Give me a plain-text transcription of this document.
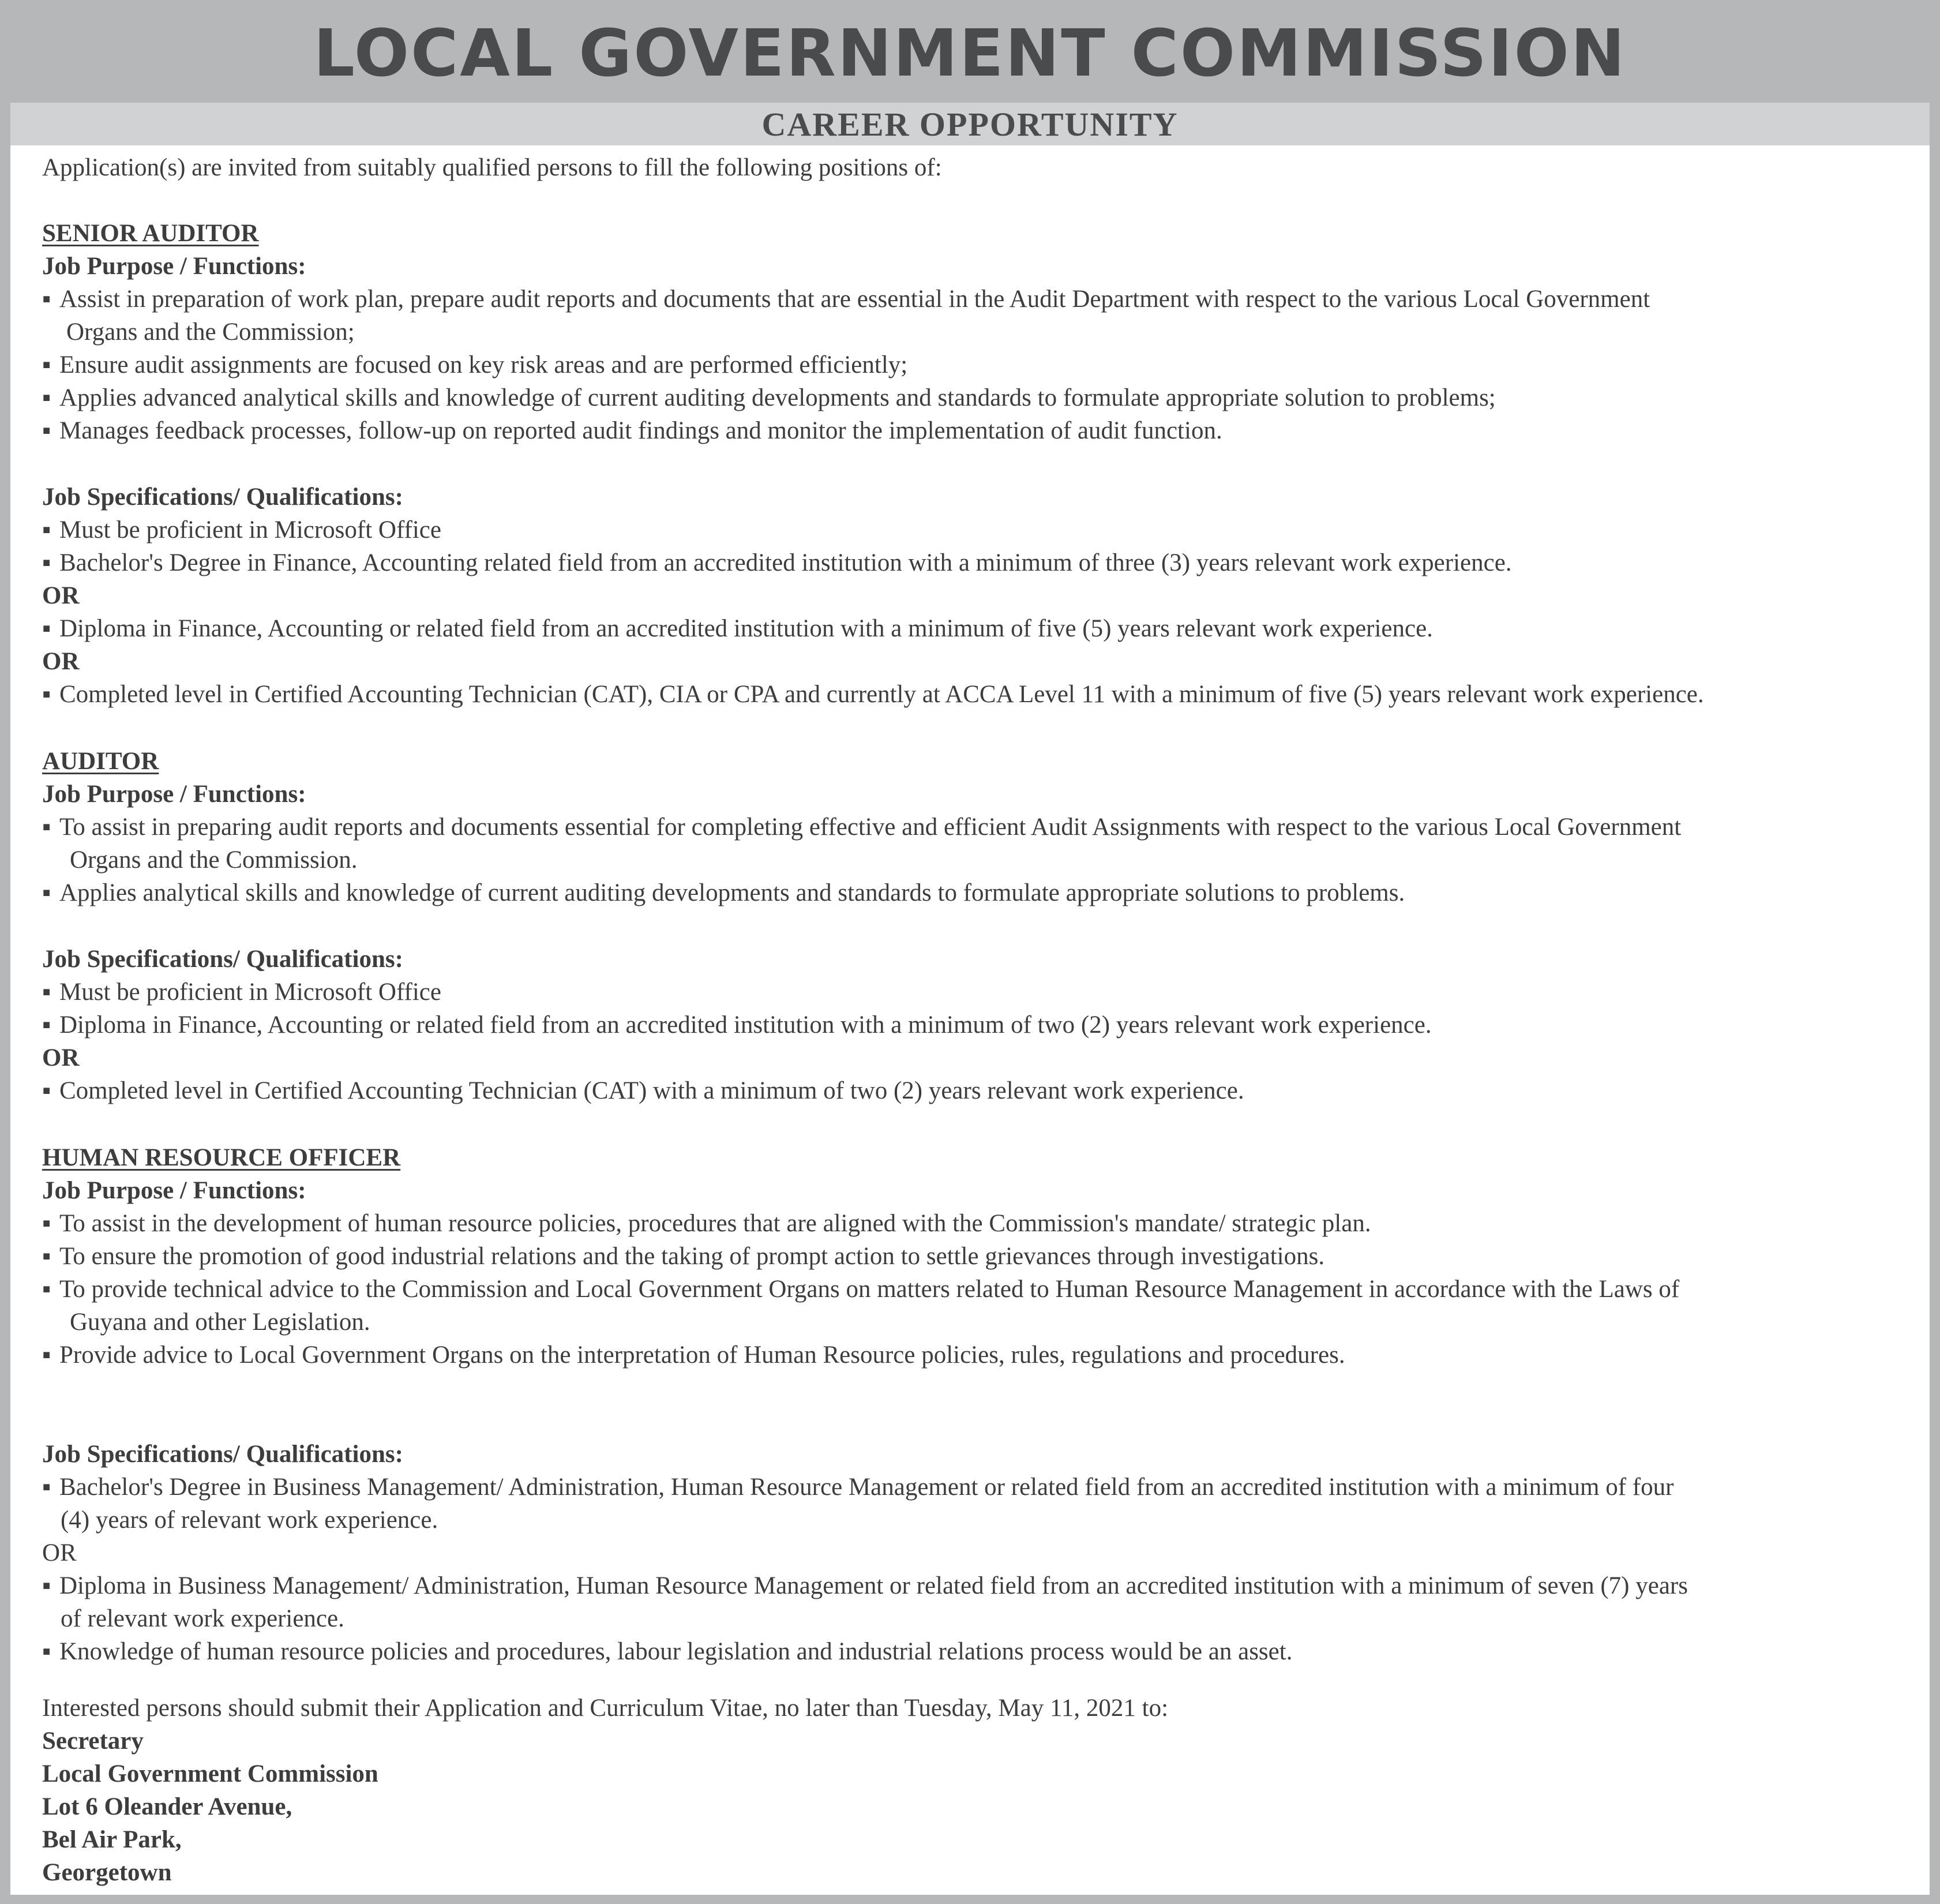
LOCAL GOVERNMENT COMMISSION
CAREER OPPORTUNITY
Application(s) are invited from suitably qualified persons to fill the following positions of:
SENIOR AUDITOR
Job Purpose / Functions:
▪ Assist in preparation of work plan, prepare audit reports and documents that are essential in the Audit Department with respect to the various Local Government
Organs and the Commission;
▪ Ensure audit assignments are focused on key risk areas and are performed efficiently;
▪ Applies advanced analytical skills and knowledge of current auditing developments and standards to formulate appropriate solution to problems;
▪ Manages feedback processes, follow-up on reported audit findings and monitor the implementation of audit function.
Job Specifications/ Qualifications:
▪ Must be proficient in Microsoft Office
▪ Bachelor's Degree in Finance, Accounting related field from an accredited institution with a minimum of three (3) years relevant work experience.
OR
▪ Diploma in Finance, Accounting or related field from an accredited institution with a minimum of five (5) years relevant work experience.
OR
▪ Completed level in Certified Accounting Technician (CAT), CIA or CPA and currently at ACCA Level 11 with a minimum of five (5) years relevant work experience.
AUDITOR
Job Purpose / Functions:
▪ To assist in preparing audit reports and documents essential for completing effective and efficient Audit Assignments with respect to the various Local Government
Organs and the Commission.
▪ Applies analytical skills and knowledge of current auditing developments and standards to formulate appropriate solutions to problems.
Job Specifications/ Qualifications:
▪ Must be proficient in Microsoft Office
▪ Diploma in Finance, Accounting or related field from an accredited institution with a minimum of two (2) years relevant work experience.
OR
▪ Completed level in Certified Accounting Technician (CAT) with a minimum of two (2) years relevant work experience.
HUMAN RESOURCE OFFICER
Job Purpose / Functions:
▪ To assist in the development of human resource policies, procedures that are aligned with the Commission's mandate/ strategic plan.
▪ To ensure the promotion of good industrial relations and the taking of prompt action to settle grievances through investigations.
▪ To provide technical advice to the Commission and Local Government Organs on matters related to Human Resource Management in accordance with the Laws of
Guyana and other Legislation.
▪ Provide advice to Local Government Organs on the interpretation of Human Resource policies, rules, regulations and procedures.
Job Specifications/ Qualifications:
▪ Bachelor's Degree in Business Management/ Administration, Human Resource Management or related field from an accredited institution with a minimum of four
(4) years of relevant work experience.
OR
▪ Diploma in Business Management/ Administration, Human Resource Management or related field from an accredited institution with a minimum of seven (7) years
of relevant work experience.
▪ Knowledge of human resource policies and procedures, labour legislation and industrial relations process would be an asset.
Interested persons should submit their Application and Curriculum Vitae, no later than Tuesday, May 11, 2021 to:
Secretary
Local Government Commission
Lot 6 Oleander Avenue,
Bel Air Park,
Georgetown
